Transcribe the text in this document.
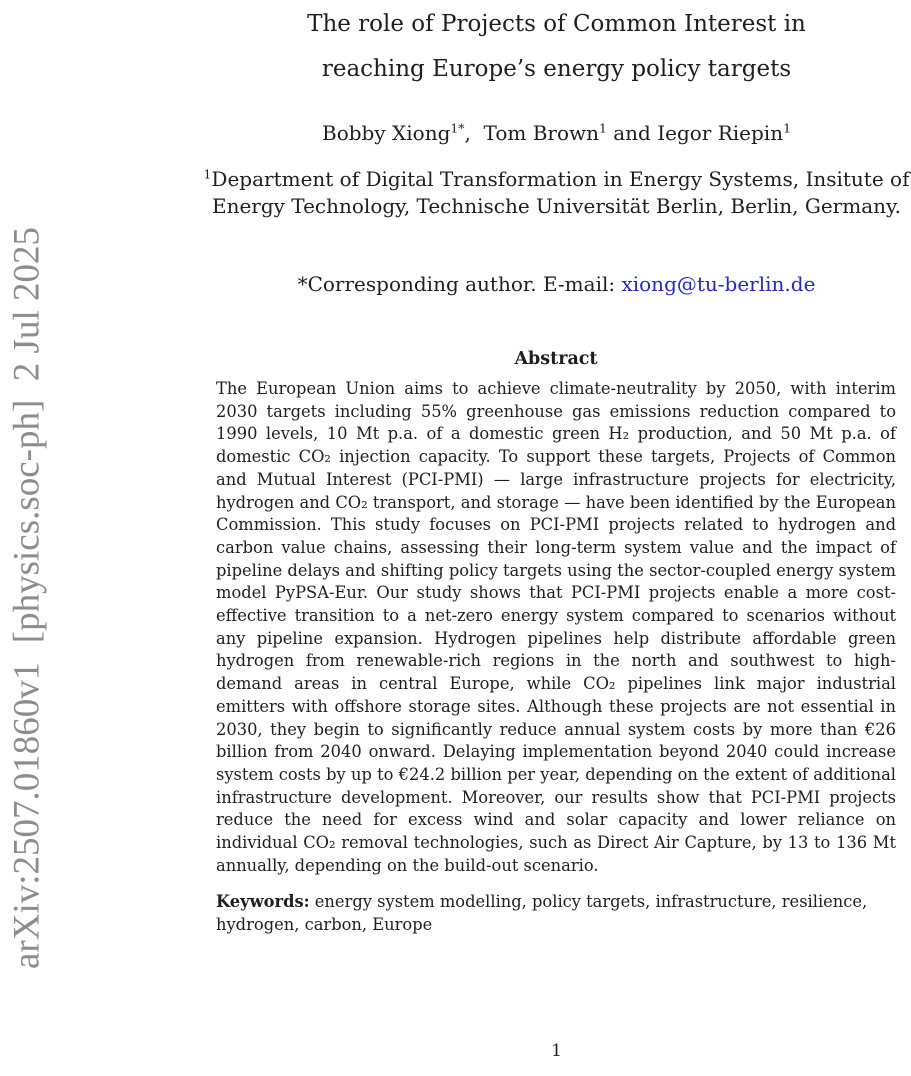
arXiv:2507.01860v1  [physics.soc-ph]  2 Jul 2025
The role of Projects of Common Interest in
reaching Europe’s energy policy targets
Bobby Xiong$^{1*}$,  Tom Brown$^1$ and Iegor Riepin$^1$
$^1$Department of Digital Transformation in Energy Systems, Insitute of
Energy Technology, Technische Universität Berlin, Berlin, Germany.
*Corresponding author. E-mail: xiong@tu-berlin.de
Abstract

The European Union aims to achieve climate-neutrality by 2050, with interim 2030 targets including 55% greenhouse gas emissions reduction compared to 1990 levels, 10 Mt p.a. of a domestic green H₂ production, and 50 Mt p.a. of domestic CO₂ injection capacity. To support these targets, Projects of Common and Mutual Interest (PCI-PMI) — large infrastructure projects for electricity, hydrogen and CO₂ transport, and storage — have been identified by the European Commission. This study focuses on PCI-PMI projects related to hydrogen and carbon value chains, assessing their long-term system value and the impact of pipeline delays and shifting policy targets using the sector-coupled energy system model PyPSA-Eur. Our study shows that PCI-PMI projects enable a more cost-effective transition to a net-zero energy system compared to scenarios without any pipeline expansion. Hydrogen pipelines help distribute affordable green hydrogen from renewable-rich regions in the north and southwest to high-demand areas in central Europe, while CO₂ pipelines link major industrial emitters with offshore storage sites. Although these projects are not essential in 2030, they begin to significantly reduce annual system costs by more than €26 billion from 2040 onward. Delaying implementation beyond 2040 could increase system costs by up to €24.2 billion per year, depending on the extent of additional infrastructure development. Moreover, our results show that PCI-PMI projects reduce the need for excess wind and solar capacity and lower reliance on individual CO₂ removal technologies, such as Direct Air Capture, by 13 to 136 Mt annually, depending on the build-out scenario.

Keywords: energy system modelling, policy targets, infrastructure, resilience, hydrogen, carbon, Europe

1
